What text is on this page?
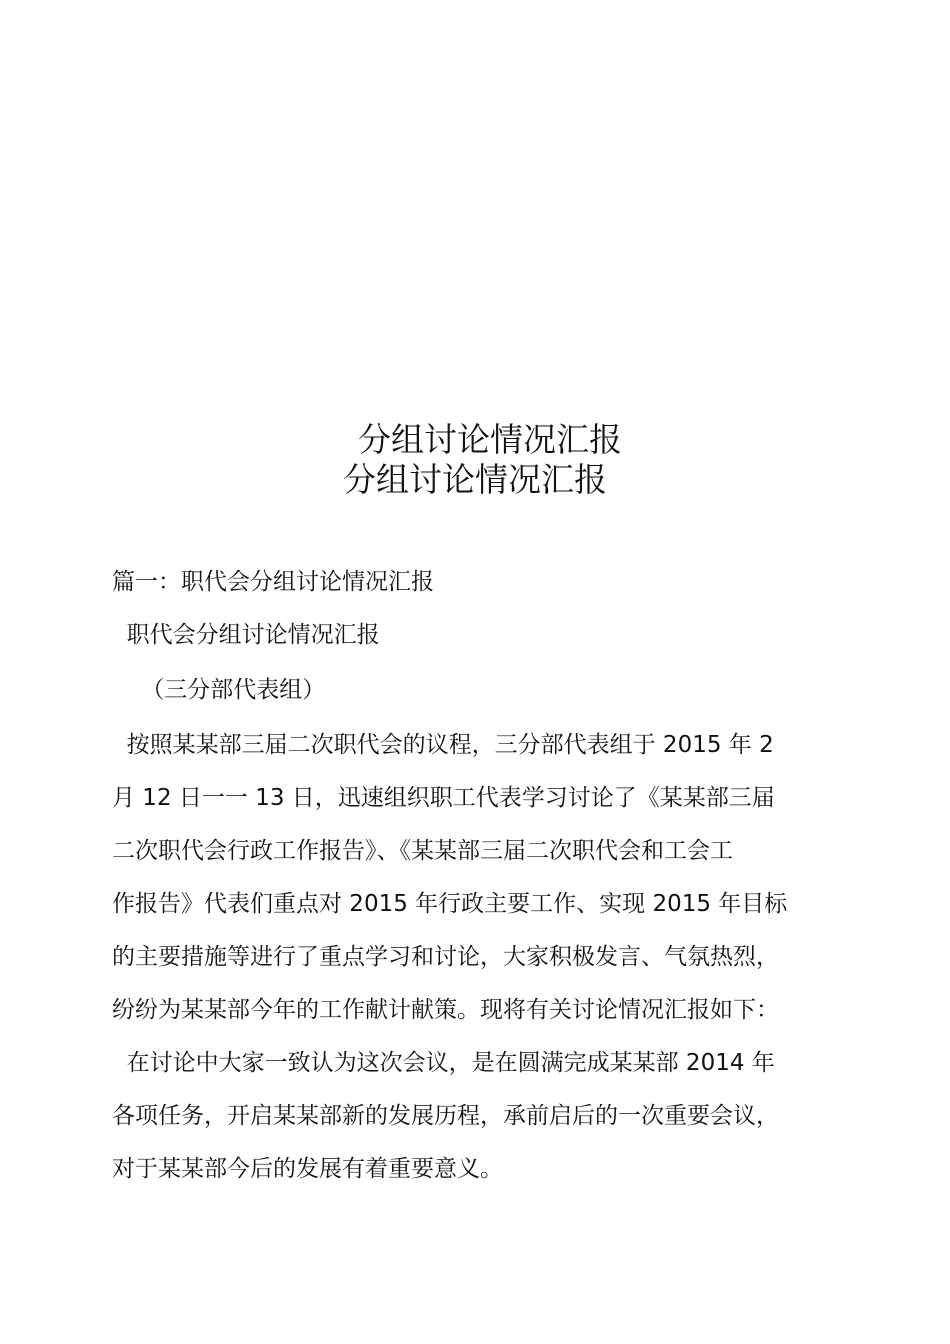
分组讨论情况汇报
分组讨论情况汇报
篇一：职代会分组讨论情况汇报
职代会分组讨论情况汇报
（三分部代表组）
按照某某部三届二次职代会的议程，三分部代表组于 2015 年 2
月 12 日一一 13 日，迅速组织职工代表学习讨论了《某某部三届
二次职代会行政工作报告》、《某某部三届二次职代会和工会工
作报告》代表们重点对 2015 年行政主要工作、实现 2015 年目标
的主要措施等进行了重点学习和讨论，大家积极发言、气氛热烈，
纷纷为某某部今年的工作献计献策。现将有关讨论情况汇报如下：
在讨论中大家一致认为这次会议，是在圆满完成某某部 2014 年
各项任务，开启某某部新的发展历程，承前启后的一次重要会议，
对于某某部今后的发展有着重要意义。
